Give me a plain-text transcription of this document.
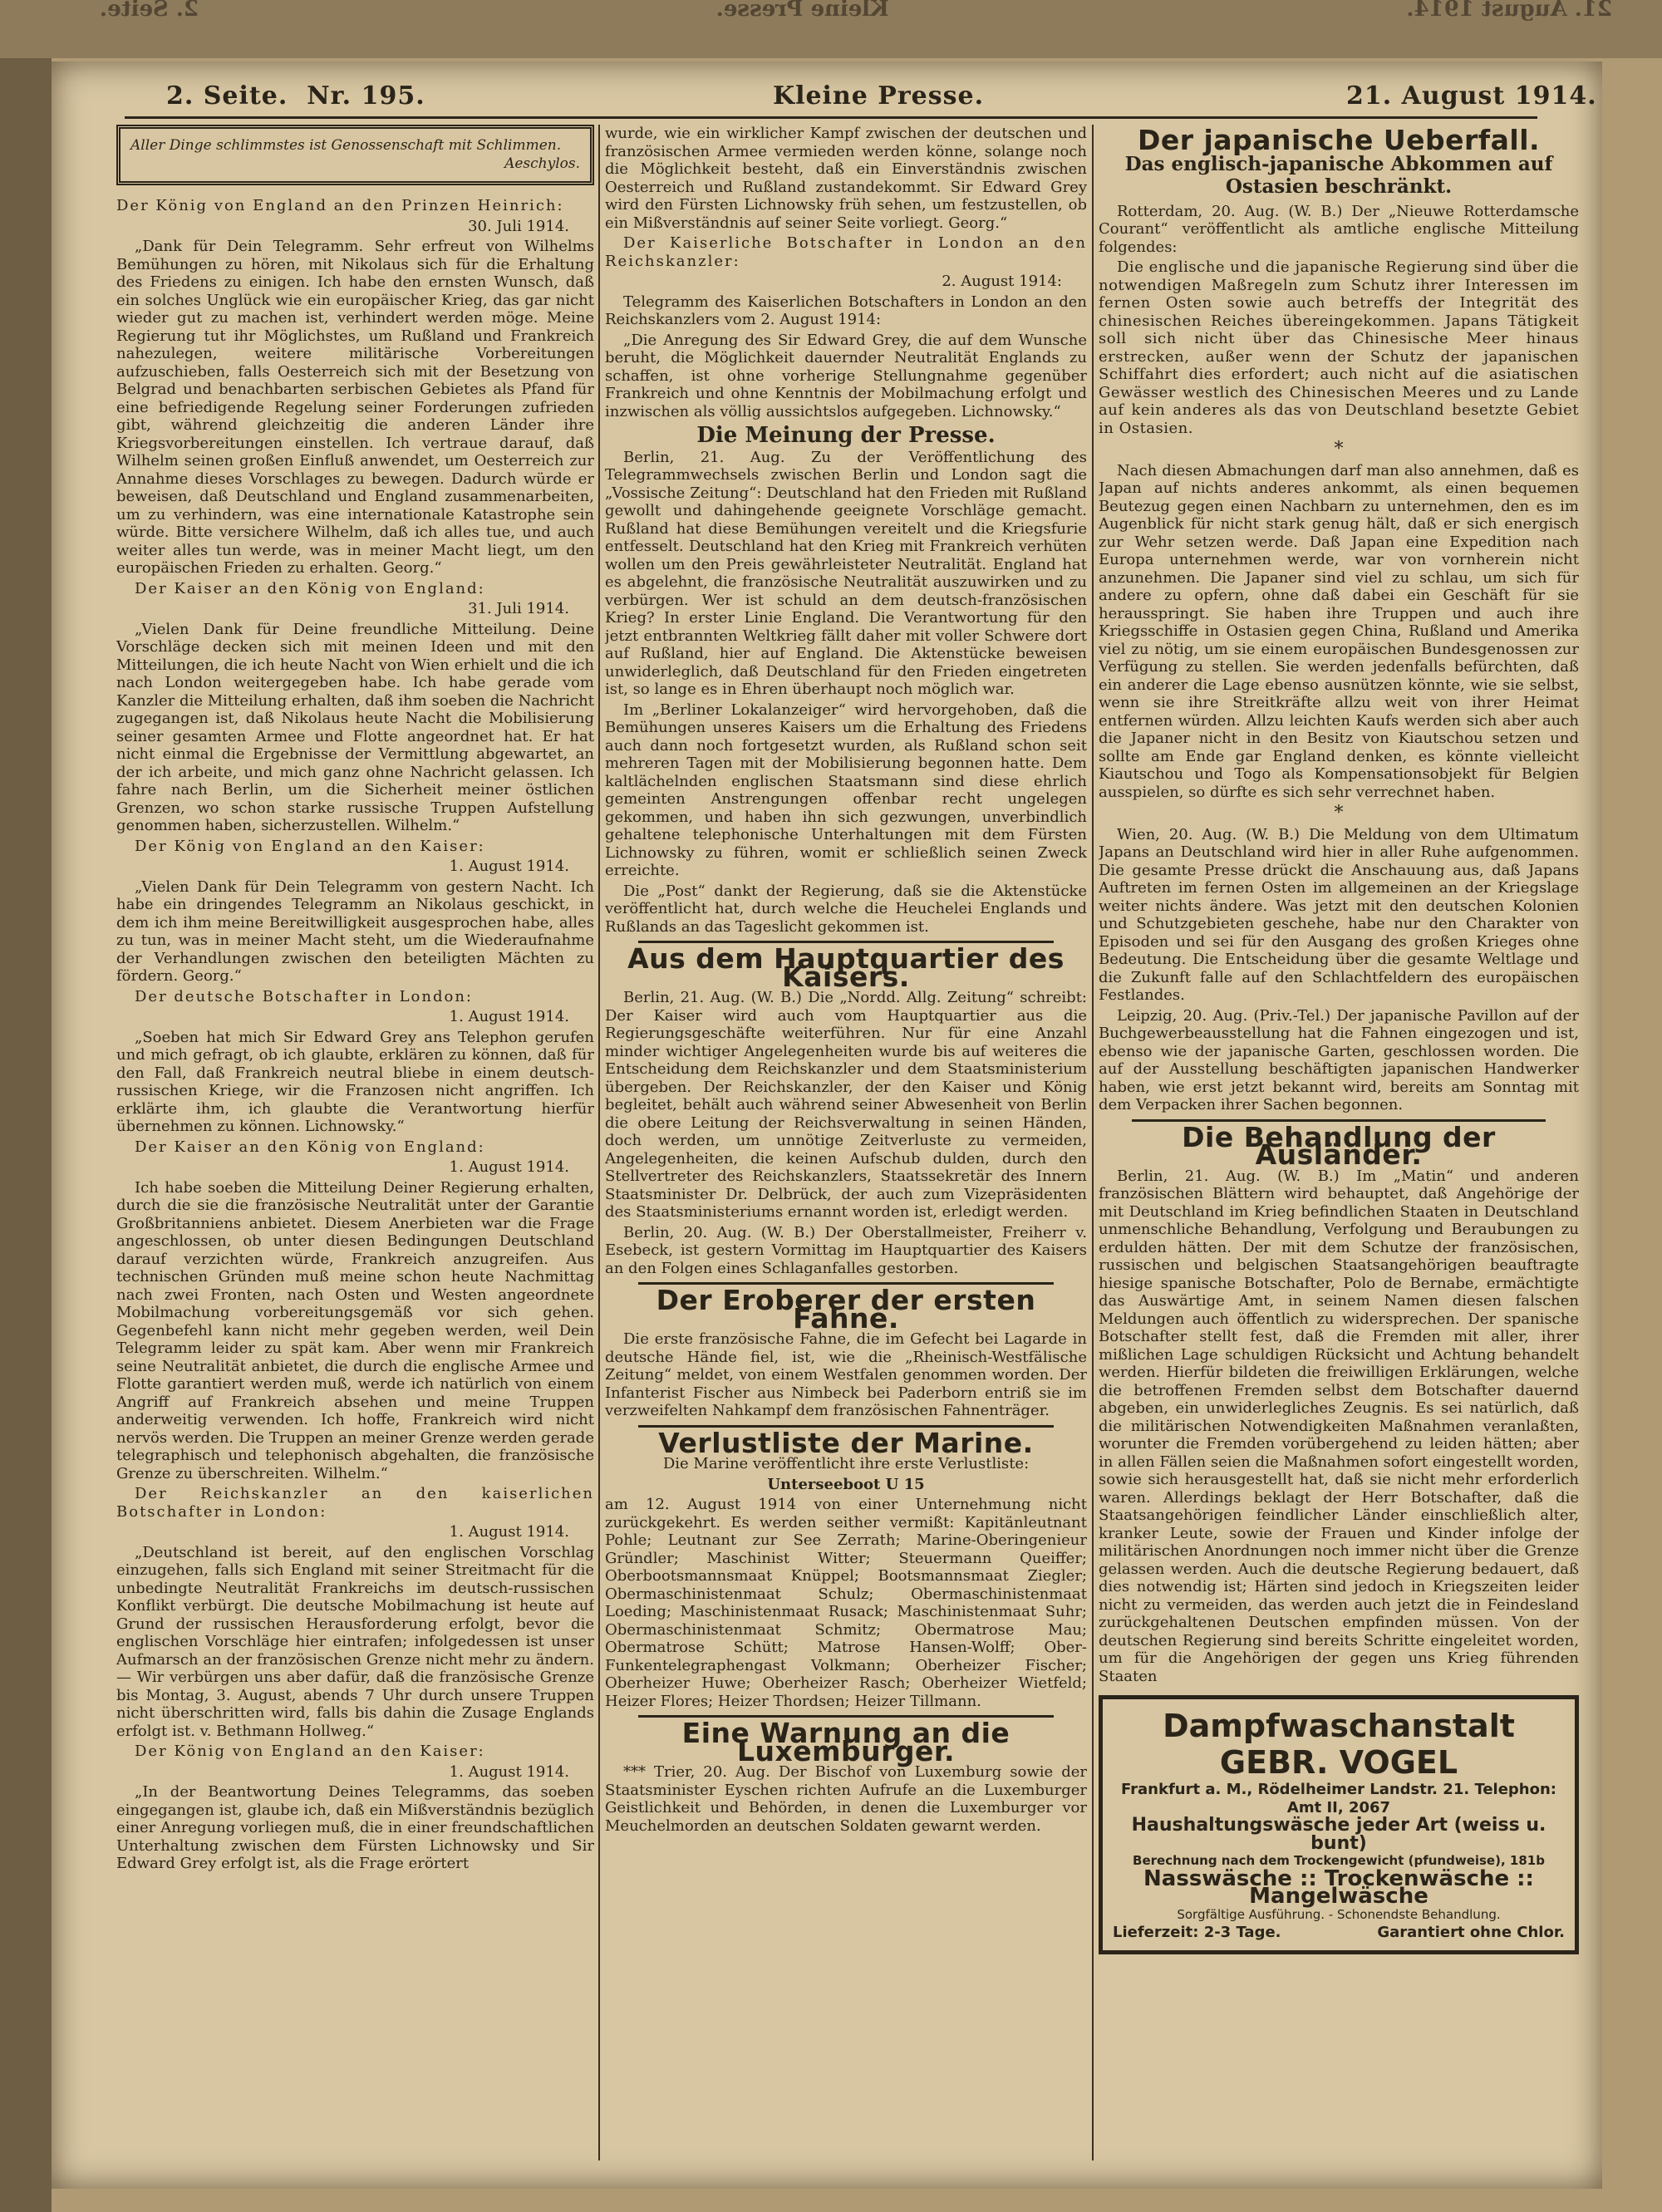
21. August 1914.
Kleine Presse.
2. Seite.
2. Seite. Nr. 195.	Kleine Presse.	21. August 1914.
Aller Dinge schlimmstes ist Genossenschaft mit Schlimmen.
Aeschylos.

Der König von England an den Prinzen Heinrich:

30. Juli 1914.

„Dank für Dein Telegramm. Sehr erfreut von Wilhelms Bemühungen zu hören, mit Nikolaus sich für die Erhaltung des Friedens zu einigen. Ich habe den ernsten Wunsch, daß ein solches Unglück wie ein europäischer Krieg, das gar nicht wieder gut zu machen ist, verhindert werden möge. Meine Regierung tut ihr Möglichstes, um Rußland und Frankreich nahezulegen, weitere militärische Vorbereitungen aufzuschieben, falls Oesterreich sich mit der Besetzung von Belgrad und benachbarten serbischen Gebietes als Pfand für eine befriedigende Regelung seiner Forderungen zufrieden gibt, während gleichzeitig die anderen Länder ihre Kriegsvorbereitungen einstellen. Ich vertraue darauf, daß Wilhelm seinen großen Einfluß anwendet, um Oesterreich zur Annahme dieses Vorschlages zu bewegen. Dadurch würde er beweisen, daß Deutschland und England zusammenarbeiten, um zu verhindern, was eine internationale Katastrophe sein würde. Bitte versichere Wilhelm, daß ich alles tue, und auch weiter alles tun werde, was in meiner Macht liegt, um den europäischen Frieden zu erhalten. Georg.“

Der Kaiser an den König von England:

31. Juli 1914.

„Vielen Dank für Deine freundliche Mitteilung. Deine Vorschläge decken sich mit meinen Ideen und mit den Mitteilungen, die ich heute Nacht von Wien erhielt und die ich nach London weitergegeben habe. Ich habe gerade vom Kanzler die Mitteilung erhalten, daß ihm soeben die Nachricht zugegangen ist, daß Nikolaus heute Nacht die Mobilisierung seiner gesamten Armee und Flotte angeordnet hat. Er hat nicht einmal die Ergebnisse der Vermittlung abgewartet, an der ich arbeite, und mich ganz ohne Nachricht gelassen. Ich fahre nach Berlin, um die Sicherheit meiner östlichen Grenzen, wo schon starke russische Truppen Aufstellung genommen haben, sicherzustellen. Wilhelm.“

Der König von England an den Kaiser:

1. August 1914.

„Vielen Dank für Dein Telegramm von gestern Nacht. Ich habe ein dringendes Telegramm an Nikolaus geschickt, in dem ich ihm meine Bereitwilligkeit ausgesprochen habe, alles zu tun, was in meiner Macht steht, um die Wiederaufnahme der Verhandlungen zwischen den beteiligten Mächten zu fördern. Georg.“

Der deutsche Botschafter in London:

1. August 1914.

„Soeben hat mich Sir Edward Grey ans Telephon gerufen und mich gefragt, ob ich glaubte, erklären zu können, daß für den Fall, daß Frankreich neutral bliebe in einem deutsch-russischen Kriege, wir die Franzosen nicht angriffen. Ich erklärte ihm, ich glaubte die Verantwortung hierfür übernehmen zu können. Lichnowsky.“

Der Kaiser an den König von England:

1. August 1914.

Ich habe soeben die Mitteilung Deiner Regierung erhalten, durch die sie die französische Neutralität unter der Garantie Großbritanniens anbietet. Diesem Anerbieten war die Frage angeschlossen, ob unter diesen Bedingungen Deutschland darauf verzichten würde, Frankreich anzugreifen. Aus technischen Gründen muß meine schon heute Nachmittag nach zwei Fronten, nach Osten und Westen angeordnete Mobilmachung vorbereitungsgemäß vor sich gehen. Gegenbefehl kann nicht mehr gegeben werden, weil Dein Telegramm leider zu spät kam. Aber wenn mir Frankreich seine Neutralität anbietet, die durch die englische Armee und Flotte garantiert werden muß, werde ich natürlich von einem Angriff auf Frankreich absehen und meine Truppen anderweitig verwenden. Ich hoffe, Frankreich wird nicht nervös werden. Die Truppen an meiner Grenze werden gerade telegraphisch und telephonisch abgehalten, die französische Grenze zu überschreiten. Wilhelm.“

Der Reichskanzler an den kaiserlichen Botschafter in London:

1. August 1914.

„Deutschland ist bereit, auf den englischen Vorschlag einzugehen, falls sich England mit seiner Streitmacht für die unbedingte Neutralität Frankreichs im deutsch-russischen Konflikt verbürgt. Die deutsche Mobilmachung ist heute auf Grund der russischen Herausforderung erfolgt, bevor die englischen Vorschläge hier eintrafen; infolgedessen ist unser Aufmarsch an der französischen Grenze nicht mehr zu ändern. — Wir verbürgen uns aber dafür, daß die französische Grenze bis Montag, 3. August, abends 7 Uhr durch unsere Truppen nicht überschritten wird, falls bis dahin die Zusage Englands erfolgt ist. v. Bethmann Hollweg.“

Der König von England an den Kaiser:

1. August 1914.

„In der Beantwortung Deines Telegramms, das soeben eingegangen ist, glaube ich, daß ein Mißverständnis bezüglich einer Anregung vorliegen muß, die in einer freundschaftlichen Unterhaltung zwischen dem Fürsten Lichnowsky und Sir Edward Grey erfolgt ist, als die Frage erörtert

wurde, wie ein wirklicher Kampf zwischen der deutschen und französischen Armee vermieden werden könne, solange noch die Möglichkeit besteht, daß ein Einverständnis zwischen Oesterreich und Rußland zustandekommt. Sir Edward Grey wird den Fürsten Lichnowsky früh sehen, um festzustellen, ob ein Mißverständnis auf seiner Seite vorliegt. Georg.“

Der Kaiserliche Botschafter in London an den Reichskanzler:

2. August 1914:

Telegramm des Kaiserlichen Botschafters in London an den Reichskanzlers vom 2. August 1914:

„Die Anregung des Sir Edward Grey, die auf dem Wunsche beruht, die Möglichkeit dauernder Neutralität Englands zu schaffen, ist ohne vorherige Stellungnahme gegenüber Frankreich und ohne Kenntnis der Mobilmachung erfolgt und inzwischen als völlig aussichtslos aufgegeben. Lichnowsky.“

Die Meinung der Presse.

Berlin, 21. Aug. Zu der Veröffentlichung des Telegrammwechsels zwischen Berlin und London sagt die „Vossische Zeitung“: Deutschland hat den Frieden mit Rußland gewollt und dahingehende geeignete Vorschläge gemacht. Rußland hat diese Bemühungen vereitelt und die Kriegsfurie entfesselt. Deutschland hat den Krieg mit Frankreich verhüten wollen um den Preis gewährleisteter Neutralität. England hat es abgelehnt, die französische Neutralität auszuwirken und zu verbürgen. Wer ist schuld an dem deutsch-französischen Krieg? In erster Linie England. Die Verantwortung für den jetzt entbrannten Weltkrieg fällt daher mit voller Schwere dort auf Rußland, hier auf England. Die Aktenstücke beweisen unwiderleglich, daß Deutschland für den Frieden eingetreten ist, so lange es in Ehren überhaupt noch möglich war.

Im „Berliner Lokalanzeiger“ wird hervorgehoben, daß die Bemühungen unseres Kaisers um die Erhaltung des Friedens auch dann noch fortgesetzt wurden, als Rußland schon seit mehreren Tagen mit der Mobilisierung begonnen hatte. Dem kaltlächelnden englischen Staatsmann sind diese ehrlich gemeinten Anstrengungen offenbar recht ungelegen gekommen, und haben ihn sich gezwungen, unverbindlich gehaltene telephonische Unterhaltungen mit dem Fürsten Lichnowsky zu führen, womit er schließlich seinen Zweck erreichte.

Die „Post“ dankt der Regierung, daß sie die Aktenstücke veröffentlicht hat, durch welche die Heuchelei Englands und Rußlands an das Tageslicht gekommen ist.

Aus dem Hauptquartier des Kaisers.

Berlin, 21. Aug. (W. B.) Die „Nordd. Allg. Zeitung“ schreibt: Der Kaiser wird auch vom Hauptquartier aus die Regierungsgeschäfte weiterführen. Nur für eine Anzahl minder wichtiger Angelegenheiten wurde bis auf weiteres die Entscheidung dem Reichskanzler und dem Staatsministerium übergeben. Der Reichskanzler, der den Kaiser und König begleitet, behält auch während seiner Abwesenheit von Berlin die obere Leitung der Reichsverwaltung in seinen Händen, doch werden, um unnötige Zeitverluste zu vermeiden, Angelegenheiten, die keinen Aufschub dulden, durch den Stellvertreter des Reichskanzlers, Staatssekretär des Innern Staatsminister Dr. Delbrück, der auch zum Vizepräsidenten des Staatsministeriums ernannt worden ist, erledigt werden.

Berlin, 20. Aug. (W. B.) Der Oberstallmeister, Freiherr v. Esebeck, ist gestern Vormittag im Hauptquartier des Kaisers an den Folgen eines Schlaganfalles gestorben.

Der Eroberer der ersten Fahne.

Die erste französische Fahne, die im Gefecht bei Lagarde in deutsche Hände fiel, ist, wie die „Rheinisch-Westfälische Zeitung“ meldet, von einem Westfalen genommen worden. Der Infanterist Fischer aus Nimbeck bei Paderborn entriß sie im verzweifelten Nahkampf dem französischen Fahnenträger.

Verlustliste der Marine.

Die Marine veröffentlicht ihre erste Verlustliste:

Unterseeboot U 15

am 12. August 1914 von einer Unternehmung nicht zurückgekehrt. Es werden seither vermißt: Kapitänleutnant Pohle; Leutnant zur See Zerrath; Marine-Oberingenieur Gründler; Maschinist Witter; Steuermann Queiffer; Oberbootsmannsmaat Knüppel; Bootsmannsmaat Ziegler; Obermaschinistenmaat Schulz; Obermaschinistenmaat Loeding; Maschinistenmaat Rusack; Maschinistenmaat Suhr; Obermaschinistenmaat Schmitz; Obermatrose Mau; Obermatrose Schütt; Matrose Hansen-Wolff; Ober-Funkentelegraphengast Volkmann; Oberheizer Fischer; Oberheizer Huwe; Oberheizer Rasch; Oberheizer Wietfeld; Heizer Flores; Heizer Thordsen; Heizer Tillmann.

Eine Warnung an die Luxemburger.

*** Trier, 20. Aug. Der Bischof von Luxemburg sowie der Staatsminister Eyschen richten Aufrufe an die Luxemburger Geistlichkeit und Behörden, in denen die Luxemburger vor Meuchelmorden an deutschen Soldaten gewarnt werden.

Der japanische Ueberfall.
Das englisch-japanische Abkommen auf Ostasien beschränkt.

Rotterdam, 20. Aug. (W. B.) Der „Nieuwe Rotterdamsche Courant“ veröffentlicht als amtliche englische Mitteilung folgendes:

Die englische und die japanische Regierung sind über die notwendigen Maßregeln zum Schutz ihrer Interessen im fernen Osten sowie auch betreffs der Integrität des chinesischen Reiches übereingekommen. Japans Tätigkeit soll sich nicht über das Chinesische Meer hinaus erstrecken, außer wenn der Schutz der japanischen Schiffahrt dies erfordert; auch nicht auf die asiatischen Gewässer westlich des Chinesischen Meeres und zu Lande auf kein anderes als das von Deutschland besetzte Gebiet in Ostasien.

*

Nach diesen Abmachungen darf man also annehmen, daß es Japan auf nichts anderes ankommt, als einen bequemen Beutezug gegen einen Nachbarn zu unternehmen, den es im Augenblick für nicht stark genug hält, daß er sich energisch zur Wehr setzen werde. Daß Japan eine Expedition nach Europa unternehmen werde, war von vornherein nicht anzunehmen. Die Japaner sind viel zu schlau, um sich für andere zu opfern, ohne daß dabei ein Geschäft für sie herausspringt. Sie haben ihre Truppen und auch ihre Kriegsschiffe in Ostasien gegen China, Rußland und Amerika viel zu nötig, um sie einem europäischen Bundesgenossen zur Verfügung zu stellen. Sie werden jedenfalls befürchten, daß ein anderer die Lage ebenso ausnützen könnte, wie sie selbst, wenn sie ihre Streitkräfte allzu weit von ihrer Heimat entfernen würden. Allzu leichten Kaufs werden sich aber auch die Japaner nicht in den Besitz von Kiautschou setzen und sollte am Ende gar England denken, es könnte vielleicht Kiautschou und Togo als Kompensationsobjekt für Belgien ausspielen, so dürfte es sich sehr verrechnet haben.

*

Wien, 20. Aug. (W. B.) Die Meldung von dem Ultimatum Japans an Deutschland wird hier in aller Ruhe aufgenommen. Die gesamte Presse drückt die Anschauung aus, daß Japans Auftreten im fernen Osten im allgemeinen an der Kriegslage weiter nichts ändere. Was jetzt mit den deutschen Kolonien und Schutzgebieten geschehe, habe nur den Charakter von Episoden und sei für den Ausgang des großen Krieges ohne Bedeutung. Die Entscheidung über die gesamte Weltlage und die Zukunft falle auf den Schlachtfeldern des europäischen Festlandes.

Leipzig, 20. Aug. (Priv.-Tel.) Der japanische Pavillon auf der Buchgewerbeausstellung hat die Fahnen eingezogen und ist, ebenso wie der japanische Garten, geschlossen worden. Die auf der Ausstellung beschäftigten japanischen Handwerker haben, wie erst jetzt bekannt wird, bereits am Sonntag mit dem Verpacken ihrer Sachen begonnen.

Die Behandlung der Ausländer.

Berlin, 21. Aug. (W. B.) Im „Matin“ und anderen französischen Blättern wird behauptet, daß Angehörige der mit Deutschland im Krieg befindlichen Staaten in Deutschland unmenschliche Behandlung, Verfolgung und Beraubungen zu erdulden hätten. Der mit dem Schutze der französischen, russischen und belgischen Staatsangehörigen beauftragte hiesige spanische Botschafter, Polo de Bernabe, ermächtigte das Auswärtige Amt, in seinem Namen diesen falschen Meldungen auch öffentlich zu widersprechen. Der spanische Botschafter stellt fest, daß die Fremden mit aller, ihrer mißlichen Lage schuldigen Rücksicht und Achtung behandelt werden. Hierfür bildeten die freiwilligen Erklärungen, welche die betroffenen Fremden selbst dem Botschafter dauernd abgeben, ein unwiderlegliches Zeugnis. Es sei natürlich, daß die militärischen Notwendigkeiten Maßnahmen veranlaßten, worunter die Fremden vorübergehend zu leiden hätten; aber in allen Fällen seien die Maßnahmen sofort eingestellt worden, sowie sich herausgestellt hat, daß sie nicht mehr erforderlich waren. Allerdings beklagt der Herr Botschafter, daß die Staatsangehörigen feindlicher Länder einschließlich alter, kranker Leute, sowie der Frauen und Kinder infolge der militärischen Anordnungen noch immer nicht über die Grenze gelassen werden. Auch die deutsche Regierung bedauert, daß dies notwendig ist; Härten sind jedoch in Kriegszeiten leider nicht zu vermeiden, das werden auch jetzt die in Feindesland zurückgehaltenen Deutschen empfinden müssen. Von der deutschen Regierung sind bereits Schritte eingeleitet worden, um für die Angehörigen der gegen uns Krieg führenden Staaten

Dampfwaschanstalt GEBR. VOGEL
Frankfurt a. M., Rödelheimer Landstr. 21. Telephon: Amt II, 2067
Haushaltungswäsche jeder Art (weiss u. bunt)
Berechnung nach dem Trockengewicht (pfundweise), 181b
Nasswäsche :: Trockenwäsche :: Mangelwäsche
Sorgfältige Ausführung. - Schonendste Behandlung.
Lieferzeit: 2-3 Tage.	Garantiert ohne Chlor.
